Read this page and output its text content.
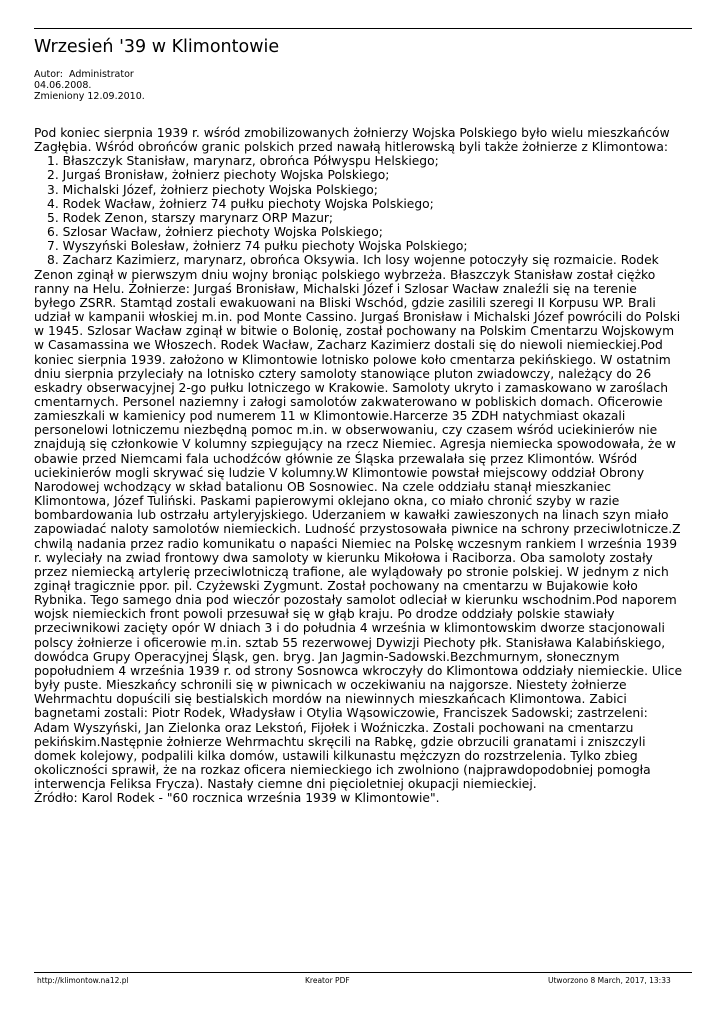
Wrzesień '39 w Klimontowie
Autor:  Administrator
04.06.2008.
Zmieniony 12.09.2010.
Pod koniec sierpnia 1939 r. wśród zmobilizowanych żołnierzy Wojska Polskiego było wielu mieszkańców
Zagłębia. Wśród obrońców granic polskich przed nawałą hitlerowską byli także żołnierze z Klimontowa:
1. Błaszczyk Stanisław, marynarz, obrońca Półwyspu Helskiego;
2. Jurgaś Bronisław, żołnierz piechoty Wojska Polskiego;
3. Michalski Józef, żołnierz piechoty Wojska Polskiego;
4. Rodek Wacław, żołnierz 74 pułku piechoty Wojska Polskiego;
5. Rodek Zenon, starszy marynarz ORP Mazur;
6. Szlosar Wacław, żołnierz piechoty Wojska Polskiego;
7. Wyszyński Bolesław, żołnierz 74 pułku piechoty Wojska Polskiego;
8. Zacharz Kazimierz, marynarz, obrońca Oksywia. Ich losy wojenne potoczyły się rozmaicie. Rodek
Zenon zginął w pierwszym dniu wojny broniąc polskiego wybrzeża. Błaszczyk Stanisław został ciężko
ranny na Helu. Żołnierze: Jurgaś Bronisław, Michalski Józef i Szlosar Wacław znaleźli się na terenie
byłego ZSRR. Stamtąd zostali ewakuowani na Bliski Wschód, gdzie zasilili szeregi II Korpusu WP. Brali
udział w kampanii włoskiej m.in. pod Monte Cassino. Jurgaś Bronisław i Michalski Józef powrócili do Polski
w 1945. Szlosar Wacław zginął w bitwie o Bolonię, został pochowany na Polskim Cmentarzu Wojskowym
w Casamassina we Włoszech. Rodek Wacław, Zacharz Kazimierz dostali się do niewoli niemieckiej.Pod
koniec sierpnia 1939. założono w Klimontowie lotnisko polowe koło cmentarza pekińskiego. W ostatnim
dniu sierpnia przyleciały na lotnisko cztery samoloty stanowiące pluton zwiadowczy, należący do 26
eskadry obserwacyjnej 2-go pułku lotniczego w Krakowie. Samoloty ukryto i zamaskowano w zaroślach
cmentarnych. Personel naziemny i załogi samolotów zakwaterowano w pobliskich domach. Oficerowie
zamieszkali w kamienicy pod numerem 11 w Klimontowie.Harcerze 35 ZDH natychmiast okazali
personelowi lotniczemu niezbędną pomoc m.in. w obserwowaniu, czy czasem wśród uciekinierów nie
znajdują się członkowie V kolumny szpiegujący na rzecz Niemiec. Agresja niemiecka spowodowała, że w
obawie przed Niemcami fala uchodźców głównie ze Śląska przewalała się przez Klimontów. Wśród
uciekinierów mogli skrywać się ludzie V kolumny.W Klimontowie powstał miejscowy oddział Obrony
Narodowej wchodzący w skład batalionu OB Sosnowiec. Na czele oddziału stanął mieszkaniec
Klimontowa, Józef Tuliński. Paskami papierowymi oklejano okna, co miało chronić szyby w razie
bombardowania lub ostrzału artyleryjskiego. Uderzaniem w kawałki zawieszonych na linach szyn miało
zapowiadać naloty samolotów niemieckich. Ludność przystosowała piwnice na schrony przeciwlotnicze.Z
chwilą nadania przez radio komunikatu o napaści Niemiec na Polskę wczesnym rankiem I września 1939
r. wyleciały na zwiad frontowy dwa samoloty w kierunku Mikołowa i Raciborza. Oba samoloty zostały
przez niemiecką artylerię przeciwlotniczą trafione, ale wylądowały po stronie polskiej. W jednym z nich
zginął tragicznie ppor. pil. Czyżewski Zygmunt. Został pochowany na cmentarzu w Bujakowie koło
Rybnika. Tego samego dnia pod wieczór pozostały samolot odleciał w kierunku wschodnim.Pod naporem
wojsk niemieckich front powoli przesuwał się w głąb kraju. Po drodze oddziały polskie stawiały
przeciwnikowi zacięty opór W dniach 3 i do południa 4 września w klimontowskim dworze stacjonowali
polscy żołnierze i oficerowie m.in. sztab 55 rezerwowej Dywizji Piechoty płk. Stanisława Kalabińskiego,
dowódca Grupy Operacyjnej Śląsk, gen. bryg. Jan Jagmin-Sadowski.Bezchmurnym, słonecznym
popołudniem 4 września 1939 r. od strony Sosnowca wkroczyły do Klimontowa oddziały niemieckie. Ulice
były puste. Mieszkańcy schronili się w piwnicach w oczekiwaniu na najgorsze. Niestety żołnierze
Wehrmachtu dopuścili się bestialskich mordów na niewinnych mieszkańcach Klimontowa. Zabici
bagnetami zostali: Piotr Rodek, Władysław i Otylia Wąsowiczowie, Franciszek Sadowski; zastrzeleni:
Adam Wyszyński, Jan Zielonka oraz Lekstoń, Fijołek i Woźniczka. Zostali pochowani na cmentarzu
pekińskim.Następnie żołnierze Wehrmachtu skręcili na Rabkę, gdzie obrzucili granatami i zniszczyli
domek kolejowy, podpalili kilka domów, ustawili kilkunastu mężczyzn do rozstrzelenia. Tylko zbieg
okoliczności sprawił, że na rozkaz oficera niemieckiego ich zwolniono (najprawdopodobniej pomogła
interwencja Feliksa Frycza). Nastały ciemne dni pięcioletniej okupacji niemieckiej.
Źródło: Karol Rodek - "60 rocznica września 1939 w Klimontowie".
http://klimontow.na12.pl	Kreator PDF	Utworzono 8 March, 2017, 13:33
